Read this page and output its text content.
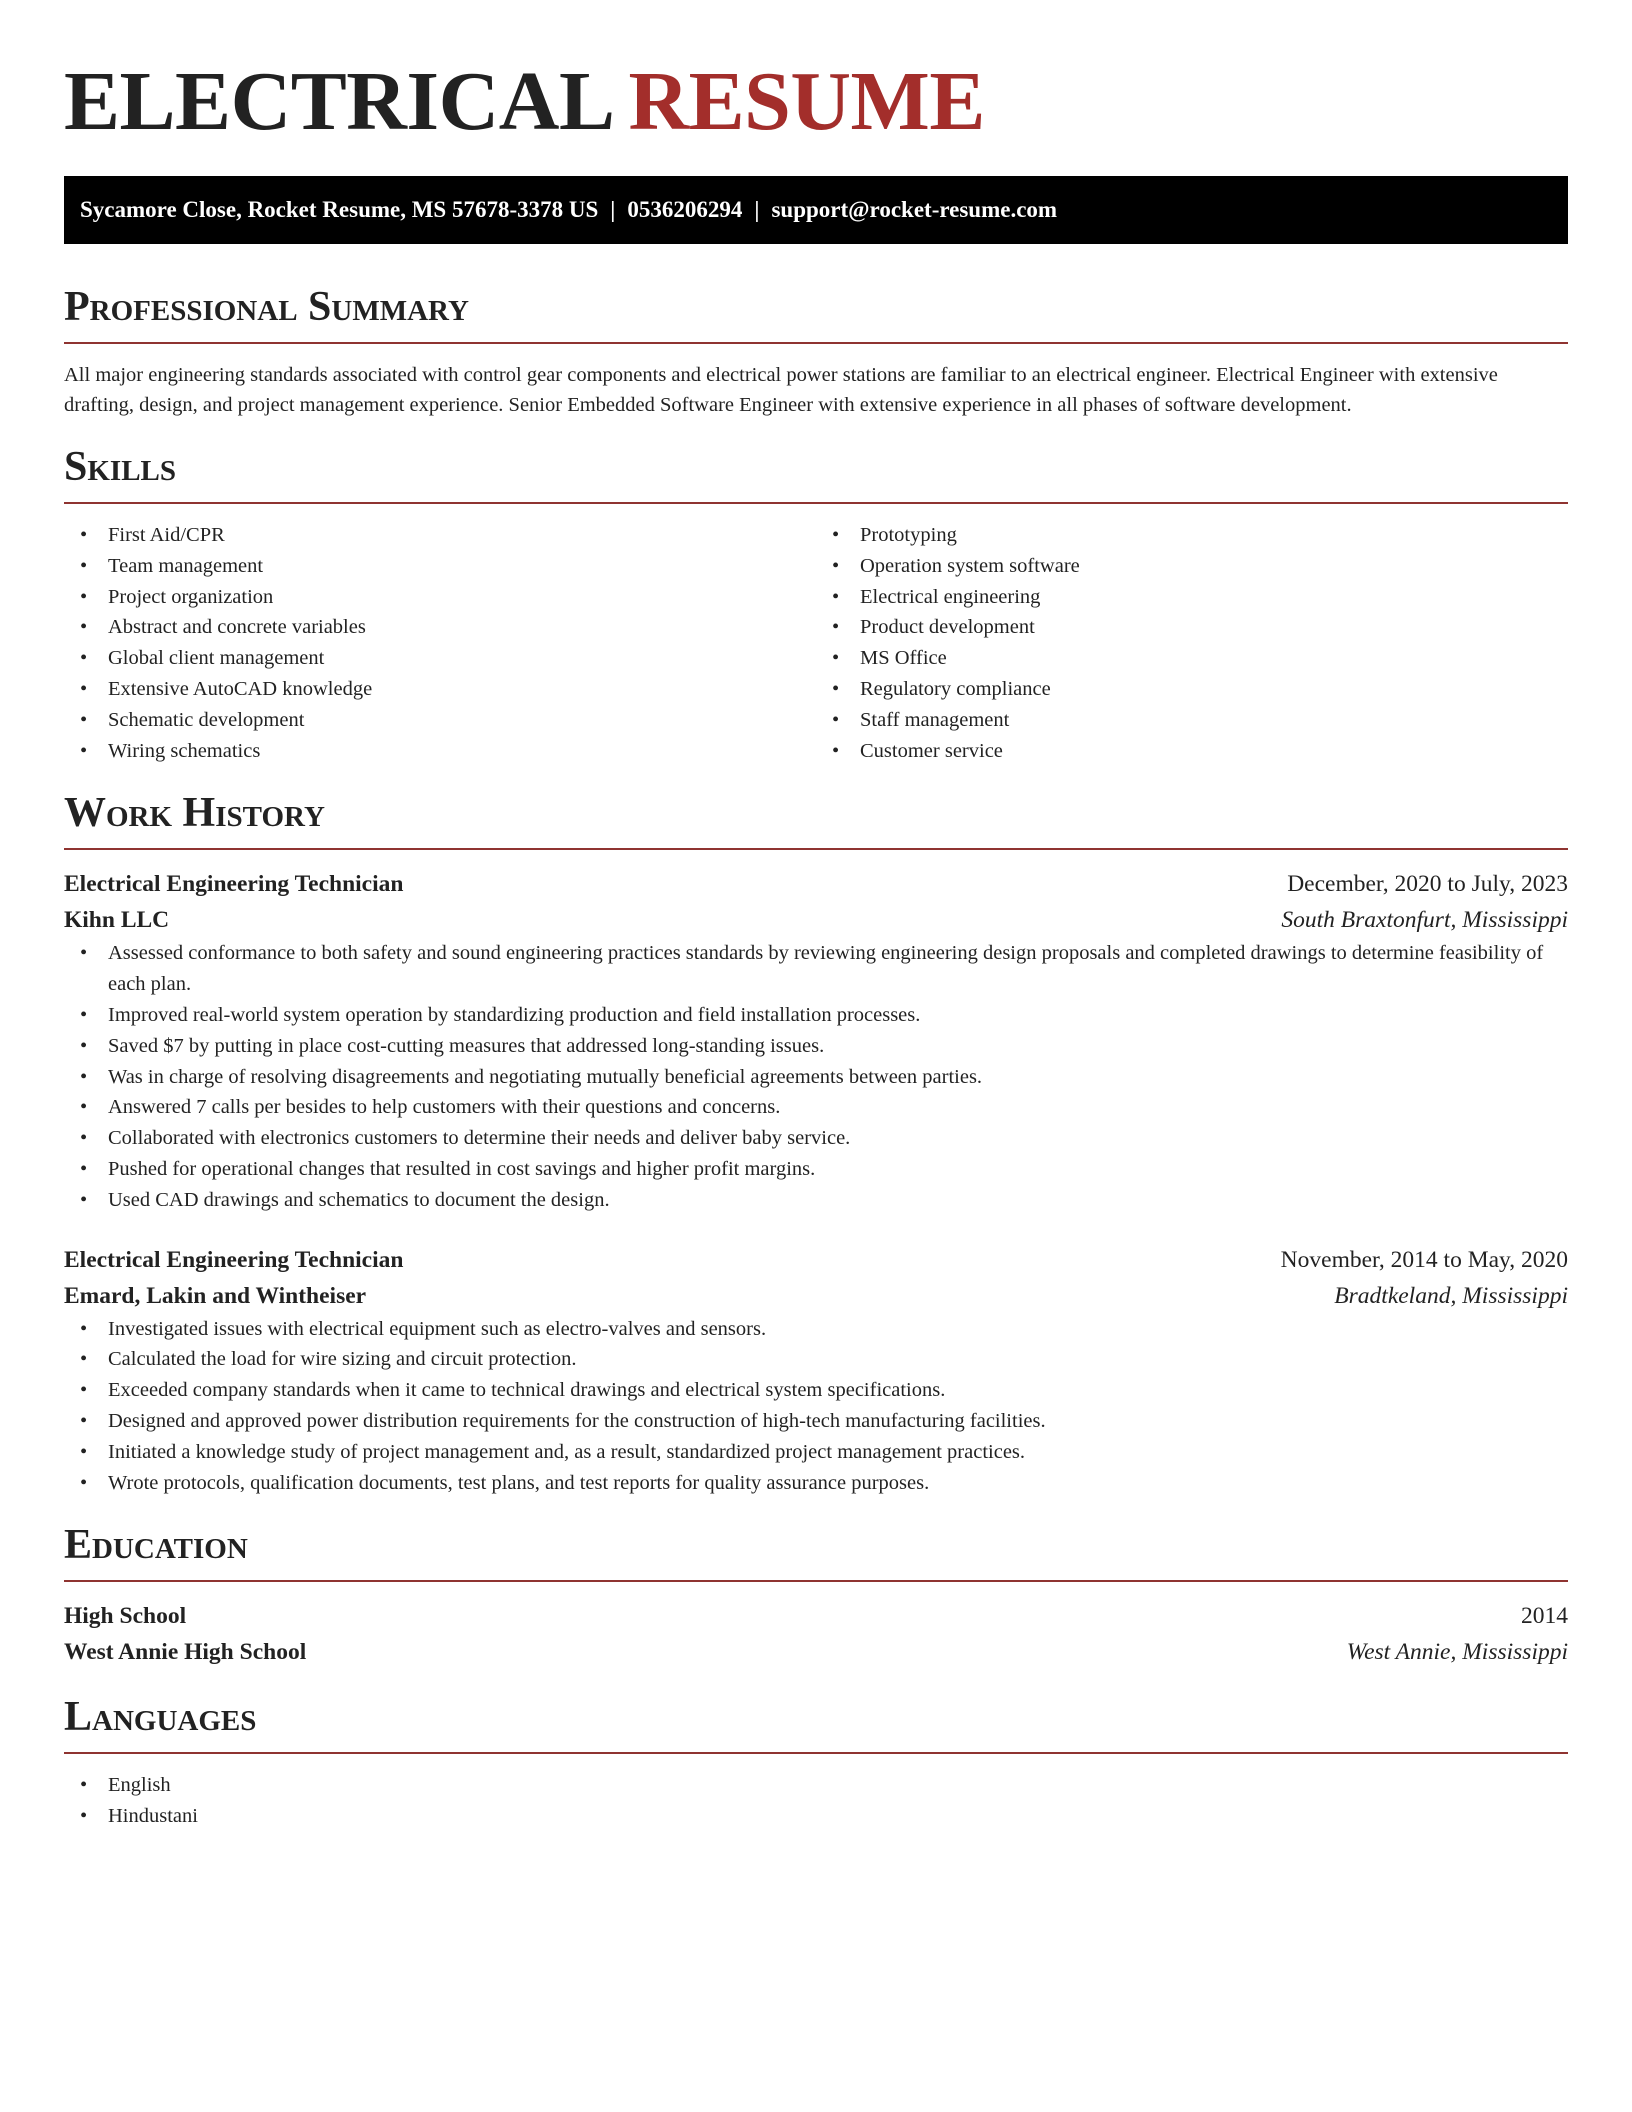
ELECTRICAL RESUME
Sycamore Close, Rocket Resume, MS 57678-3378 US | 0536206294 | support@rocket-resume.com
Professional Summary

All major engineering standards associated with control gear components and electrical power stations are familiar to an electrical engineer. Electrical Engineer with extensive drafting, design, and project management experience. Senior Embedded Software Engineer with extensive experience in all phases of software development.

Skills
• First Aid/CPR
• Team management
• Project organization
• Abstract and concrete variables
• Global client management
• Extensive AutoCAD knowledge
• Schematic development
• Wiring schematics
• Prototyping
• Operation system software
• Electrical engineering
• Product development
• MS Office
• Regulatory compliance
• Staff management
• Customer service
Work History
Electrical Engineering Technician	December, 2020 to July, 2023
Kihn LLC	South Braxtonfurt, Mississippi
• Assessed conformance to both safety and sound engineering practices standards by reviewing engineering design proposals and completed drawings to determine feasibility of each plan.
• Improved real-world system operation by standardizing production and field installation processes.
• Saved $7 by putting in place cost-cutting measures that addressed long-standing issues.
• Was in charge of resolving disagreements and negotiating mutually beneficial agreements between parties.
• Answered 7 calls per besides to help customers with their questions and concerns.
• Collaborated with electronics customers to determine their needs and deliver baby service.
• Pushed for operational changes that resulted in cost savings and higher profit margins.
• Used CAD drawings and schematics to document the design.
Electrical Engineering Technician	November, 2014 to May, 2020
Emard, Lakin and Wintheiser	Bradtkeland, Mississippi
• Investigated issues with electrical equipment such as electro-valves and sensors.
• Calculated the load for wire sizing and circuit protection.
• Exceeded company standards when it came to technical drawings and electrical system specifications.
• Designed and approved power distribution requirements for the construction of high-tech manufacturing facilities.
• Initiated a knowledge study of project management and, as a result, standardized project management practices.
• Wrote protocols, qualification documents, test plans, and test reports for quality assurance purposes.
Education
High School	2014
West Annie High School	West Annie, Mississippi
Languages
• English
• Hindustani
